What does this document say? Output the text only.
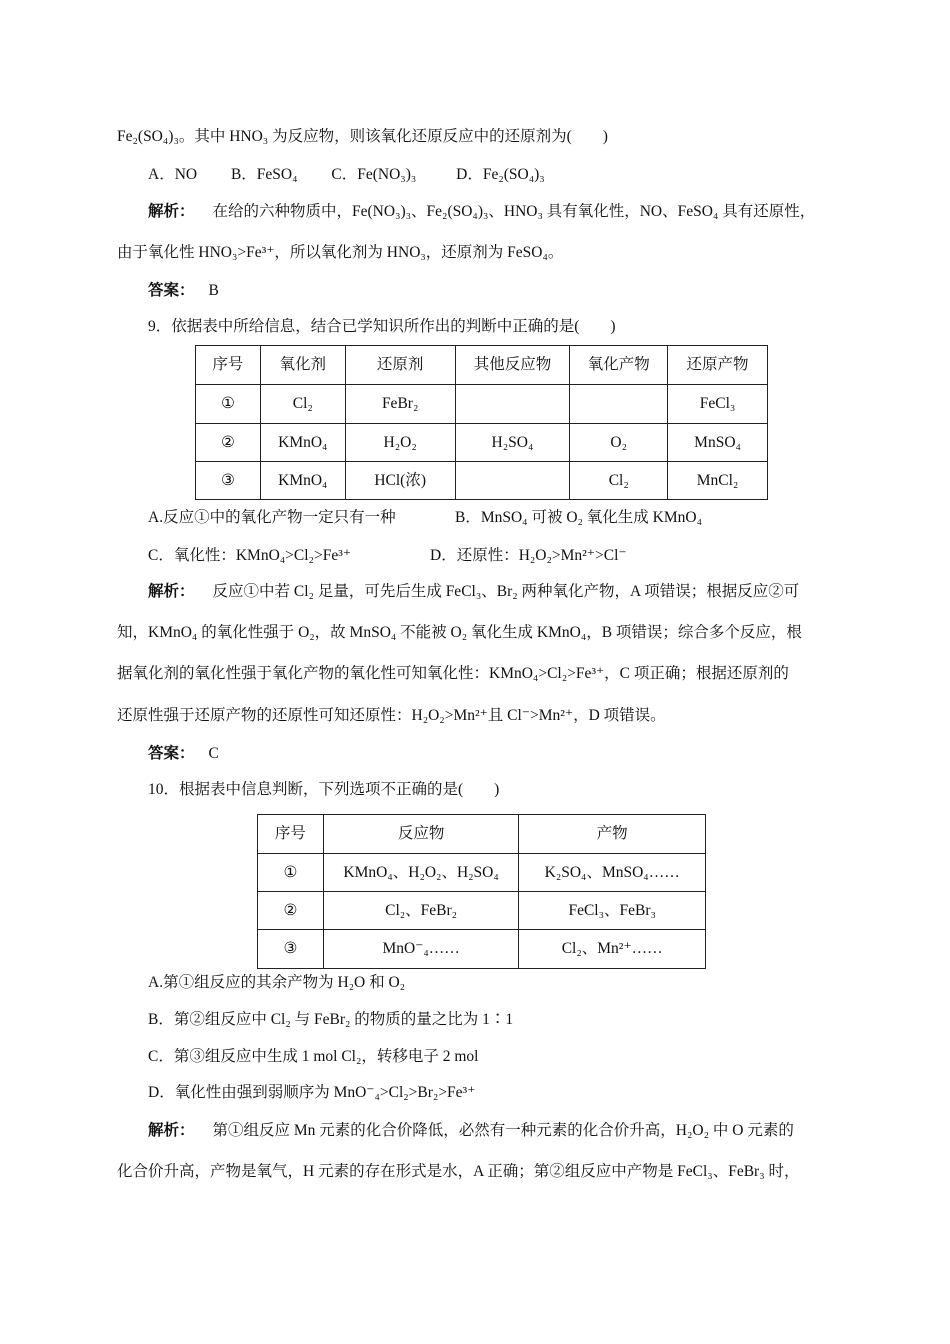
Fe₂(SO₄)₃。其中 HNO₃ 为反应物，则该氧化还原反应中的还原剂为(　　)
A．NO B．FeSO₄ C．Fe(NO₃)₃	D．Fe₂(SO₄)₃
解析： 在给的六种物质中，Fe(NO₃)₃、Fe₂(SO₄)₃、HNO₃ 具有氧化性，NO、FeSO₄ 具有还原性，
由于氧化性 HNO₃>Fe³⁺，所以氧化剂为 HNO₃，还原剂为 FeSO₄。
答案： B
9．依据表中所给信息，结合已学知识所作出的判断中正确的是(　　)
序号	氧化剂	还原剂	其他反应物	氧化产物	还原产物
①	Cl₂	FeBr₂			FeCl₃
②	KMnO₄	H₂O₂	H₂SO₄	O₂	MnSO₄
③	KMnO₄	HCl(浓)		Cl₂	MnCl₂
A.反应①中的氧化产物一定只有一种	B．MnSO₄ 可被 O₂ 氧化生成 KMnO₄
C．氧化性：KMnO₄>Cl₂>Fe³⁺	D．还原性：H₂O₂>Mn²⁺>Cl⁻
解析： 反应①中若 Cl₂ 足量，可先后生成 FeCl₃、Br₂ 两种氧化产物，A 项错误；根据反应②可
知，KMnO₄ 的氧化性强于 O₂，故 MnSO₄ 不能被 O₂ 氧化生成 KMnO₄，B 项错误；综合多个反应，根
据氧化剂的氧化性强于氧化产物的氧化性可知氧化性：KMnO₄>Cl₂>Fe³⁺，C 项正确；根据还原剂的
还原性强于还原产物的还原性可知还原性：H₂O₂>Mn²⁺且 Cl⁻>Mn²⁺，D 项错误。
答案： C
10．根据表中信息判断，下列选项不正确的是(　　)
序号	反应物	产物
①	KMnO₄、H₂O₂、H₂SO₄	K₂SO₄、MnSO₄……
②	Cl₂、FeBr₂	FeCl₃、FeBr₃
③	MnO⁻₄……	Cl₂、Mn²⁺……
A.第①组反应的其余产物为 H₂O 和 O₂
B．第②组反应中 Cl₂ 与 FeBr₂ 的物质的量之比为 1∶1
C．第③组反应中生成 1 mol Cl₂，转移电子 2 mol
D．氧化性由强到弱顺序为 MnO⁻₄>Cl₂>Br₂>Fe³⁺
解析： 第①组反应 Mn 元素的化合价降低，必然有一种元素的化合价升高，H₂O₂ 中 O 元素的
化合价升高，产物是氧气，H 元素的存在形式是水，A 正确；第②组反应中产物是 FeCl₃、FeBr₃ 时，
